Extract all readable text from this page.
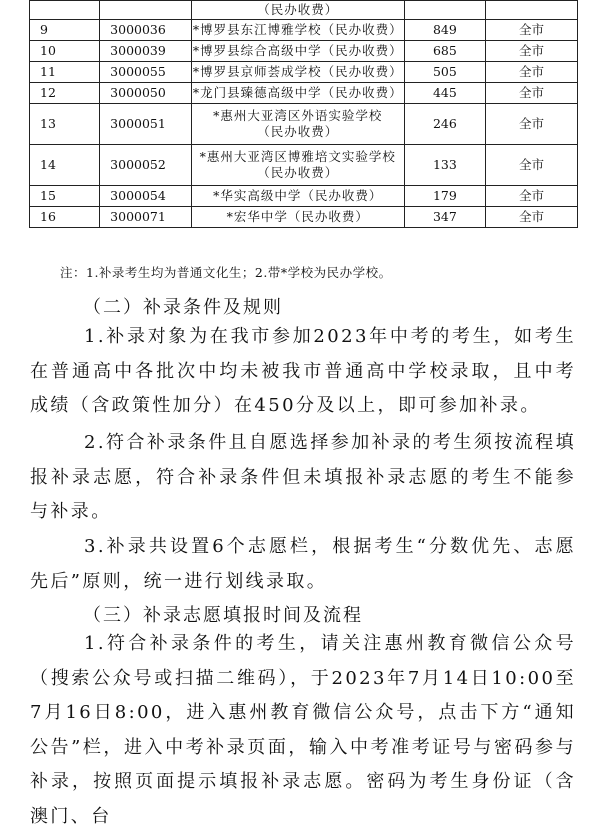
		（民办收费）		
9	3000036	*博罗县东江博雅学校（民办收费）	849	全市
10	3000039	*博罗县综合高级中学（民办收费）	685	全市
11	3000055	*博罗县京师荟成学校（民办收费）	505	全市
12	3000050	*龙门县臻德高级中学（民办收费）	445	全市
13	3000051	*惠州大亚湾区外语实验学校
（民办收费）	246	全市
14	3000052	*惠州大亚湾区博雅培文实验学校
（民办收费）	133	全市
15	3000054	*华实高级中学（民办收费）	179	全市
16	3000071	*宏华中学（民办收费）	347	全市
注：1.补录考生均为普通文化生；2.带*学校为民办学校。
（二）补录条件及规则
1.补录对象为在我市参加2023年中考的考生，如考生在普通高中各批次中均未被我市普通高中学校录取，且中考成绩（含政策性加分）在450分及以上，即可参加补录。
2.符合补录条件且自愿选择参加补录的考生须按流程填报补录志愿，符合补录条件但未填报补录志愿的考生不能参与补录。
3.补录共设置6个志愿栏，根据考生“分数优先、志愿先后”原则，统一进行划线录取。
（三）补录志愿填报时间及流程
1.符合补录条件的考生，请关注惠州教育微信公众号（搜索公众号或扫描二维码），于2023年7月14日10:00至7月16日8:00，进入惠州教育微信公众号，点击下方“通知公告”栏，进入中考补录页面，输入中考准考证号与密码参与补录，按照页面提示填报补录志愿。密码为考生身份证（含澳门、台
